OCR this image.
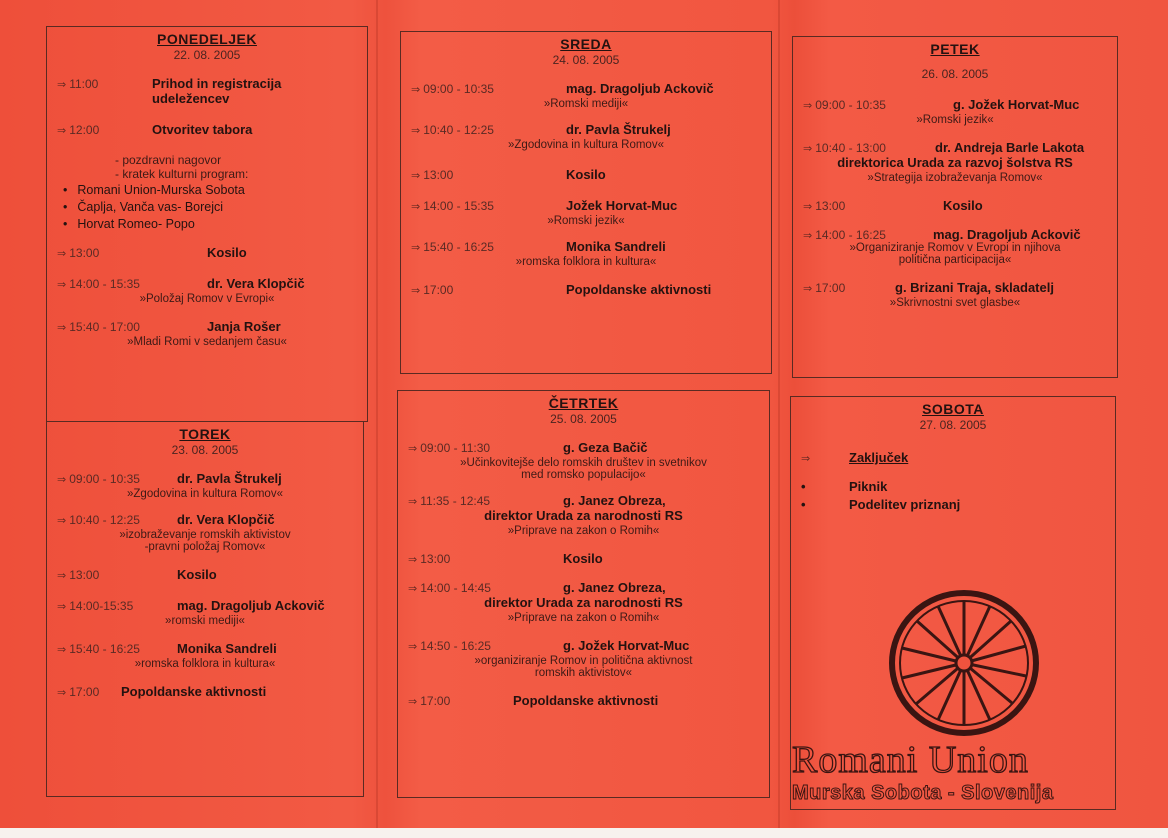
PONEDELJEK
22. 08. 2005
⇒ 11:00	Prihod in registracija
udeležencev
⇒ 12:00	Otvoritev tabora
- pozdravni nagovor
- kratek kulturni program:
• Romani Union-Murska Sobota
• Čaplja, Vanča vas- Borejci
• Horvat Romeo- Popo
⇒ 13:00	Kosilo
⇒ 14:00 - 15:35	dr. Vera Klopčič
»Položaj Romov v Evropi«
⇒ 15:40 - 17:00	Janja Rošer
»Mladi Romi v sedanjem času«
TOREK
23. 08. 2005
⇒ 09:00 - 10:35	dr. Pavla Štrukelj
»Zgodovina in kultura Romov«
⇒ 10:40 - 12:25	dr. Vera Klopčič
»izobraževanje romskih aktivistov
-pravni položaj Romov«
⇒ 13:00	Kosilo
⇒ 14:00-15:35	mag. Dragoljub Ackovič
»romski mediji«
⇒ 15:40 - 16:25	Monika Sandreli
»romska folklora in kultura«
⇒ 17:00	Popoldanske aktivnosti
SREDA
24. 08. 2005
⇒ 09:00 - 10:35	mag. Dragoljub Ackovič
»Romski mediji«
⇒ 10:40 - 12:25	dr. Pavla Štrukelj
»Zgodovina in kultura Romov«
⇒ 13:00	Kosilo
⇒ 14:00 - 15:35	Jožek Horvat-Muc
»Romski jezik«
⇒ 15:40 - 16:25	Monika Sandreli
»romska folklora in kultura«
⇒ 17:00	Popoldanske aktivnosti
ČETRTEK
25. 08. 2005
⇒ 09:00 - 11:30	g. Geza Bačič
»Učinkovitejše delo romskih društev in svetnikov
med romsko populacijo«
⇒ 11:35 - 12:45	g. Janez Obreza,
direktor Urada za narodnosti RS
»Priprave na zakon o Romih«
⇒ 13:00	Kosilo
⇒ 14:00 - 14:45	g. Janez Obreza,
direktor Urada za narodnosti RS
»Priprave na zakon o Romih«
⇒ 14:50 - 16:25	g. Jožek Horvat-Muc
»organiziranje Romov in politična aktivnost
romskih aktivistov«
⇒ 17:00	Popoldanske aktivnosti
PETEK
26. 08. 2005
⇒ 09:00 - 10:35	g. Jožek Horvat-Muc
»Romski jezik«
⇒ 10:40 - 13:00	dr. Andreja Barle Lakota
direktorica Urada za razvoj šolstva RS
»Strategija izobraževanja Romov«
⇒ 13:00	Kosilo
⇒ 14:00 - 16:25	mag. Dragoljub Ackovič
»Organiziranje Romov v Evropi in njihova
politična participacija«
⇒ 17:00	g. Brizani Traja, skladatelj
»Skrivnostni svet glasbe«
SOBOTA
27. 08. 2005
⇒	Zaključek
•	Piknik
•	Podelitev priznanj
Romani Union
Murska Sobota - Slovenija
